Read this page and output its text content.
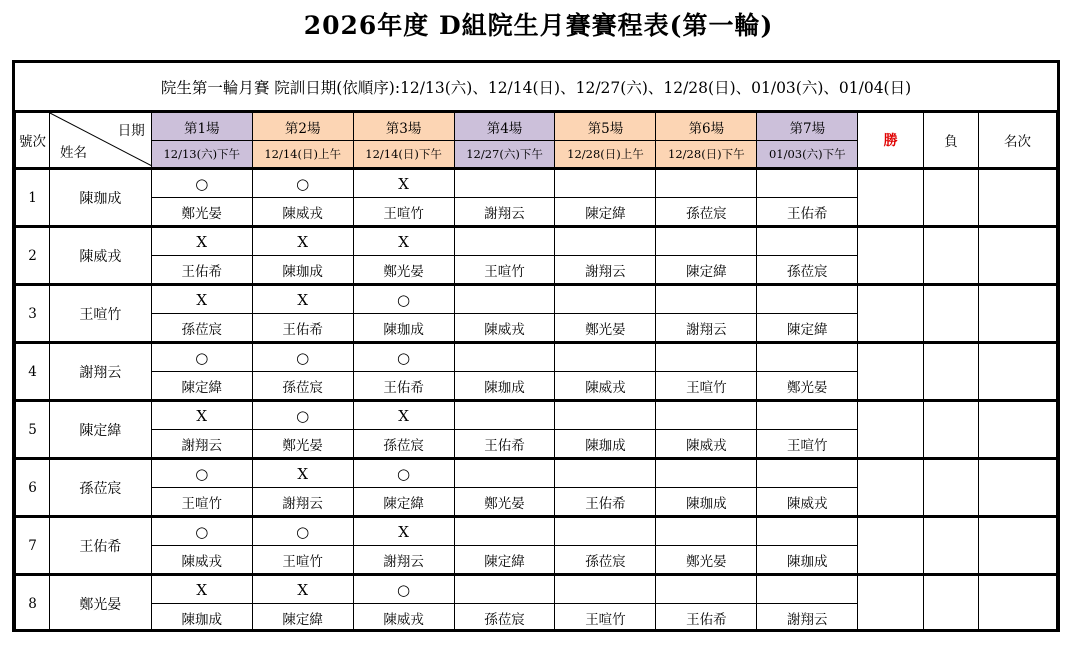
2026年度 D組院生月賽賽程表(第一輪)
院生第一輪月賽 院訓日期(依順序):12/13(六)、12/14(日)、12/27(六)、12/28(日)、01/03(六)、01/04(日)
號次	日期
姓名	第1場	第2場	第3場	第4場	第5場	第6場	第7場	勝	負	名次
		12/13(六)下午	12/14(日)上午	12/14(日)下午	12/27(六)下午	12/28(日)上午	12/28(日)下午	01/03(六)下午			
1	陳珈成	○	○	X							
		鄭光晏	陳威戎	王喧竹	謝翔云	陳定緯	孫莅宸	王佑希			
2	陳威戎	X	X	X							
		王佑希	陳珈成	鄭光晏	王喧竹	謝翔云	陳定緯	孫莅宸			
3	王喧竹	X	X	○							
		孫莅宸	王佑希	陳珈成	陳威戎	鄭光晏	謝翔云	陳定緯			
4	謝翔云	○	○	○							
		陳定緯	孫莅宸	王佑希	陳珈成	陳威戎	王喧竹	鄭光晏			
5	陳定緯	X	○	X							
		謝翔云	鄭光晏	孫莅宸	王佑希	陳珈成	陳威戎	王喧竹			
6	孫莅宸	○	X	○							
		王喧竹	謝翔云	陳定緯	鄭光晏	王佑希	陳珈成	陳威戎			
7	王佑希	○	○	X							
		陳威戎	王喧竹	謝翔云	陳定緯	孫莅宸	鄭光晏	陳珈成			
8	鄭光晏	X	X	○							
		陳珈成	陳定緯	陳威戎	孫莅宸	王喧竹	王佑希	謝翔云			
